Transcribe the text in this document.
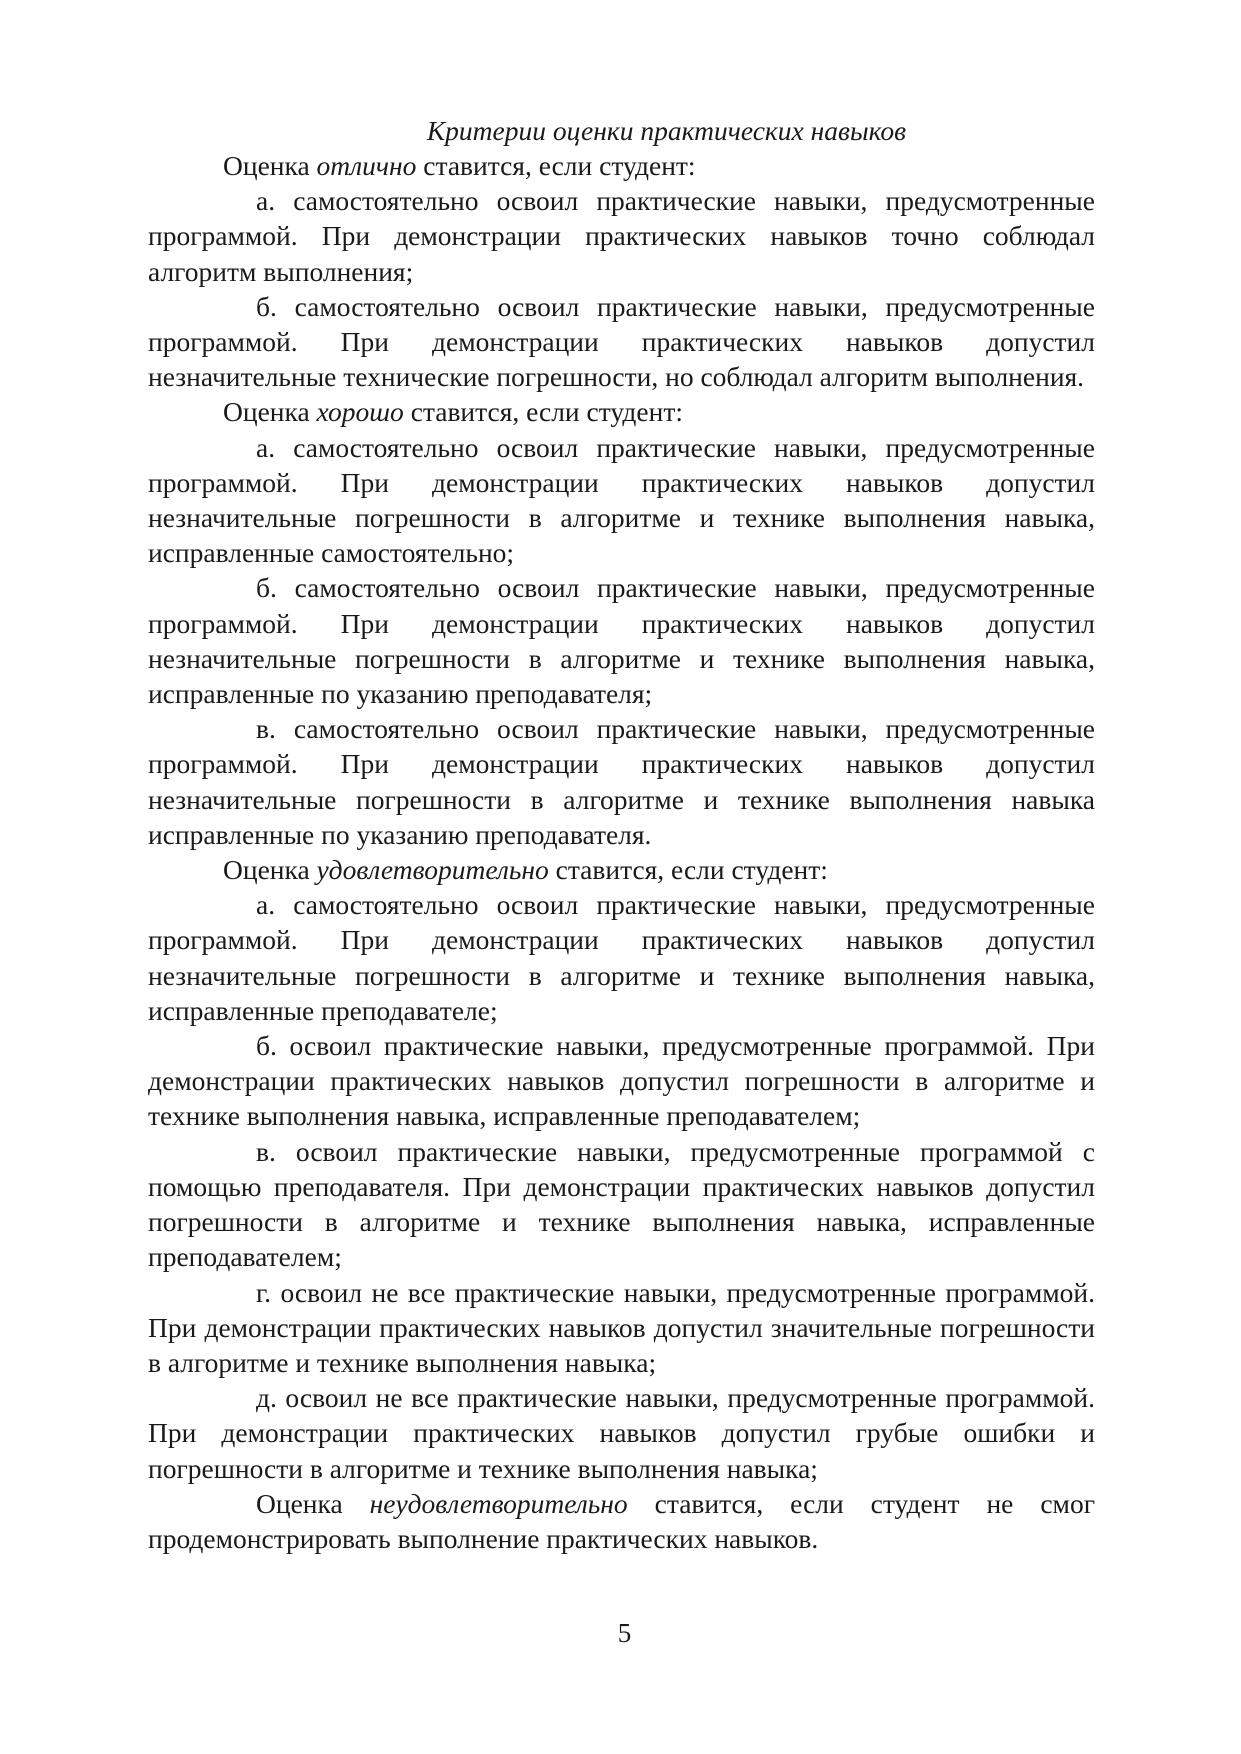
Критерии оценки практических навыков

Оценка отлично ставится, если студент:

а. самостоятельно освоил практические навыки, предусмотренные программой. При демонстрации практических навыков точно соблюдал алгоритм выполнения;

б. самостоятельно освоил практические навыки, предусмотренные программой. При демонстрации практических навыков допустил незначительные технические погрешности, но соблюдал алгоритм выполнения.

Оценка хорошо ставится, если студент:

а. самостоятельно освоил практические навыки, предусмотренные программой. При демонстрации практических навыков допустил незначительные погрешности в алгоритме и технике выполнения навыка, исправленные самостоятельно;

б. самостоятельно освоил практические навыки, предусмотренные программой. При демонстрации практических навыков допустил незначительные погрешности в алгоритме и технике выполнения навыка, исправленные по указанию преподавателя;

в. самостоятельно освоил практические навыки, предусмотренные программой. При демонстрации практических навыков допустил незначительные погрешности в алгоритме и технике выполнения навыка исправленные по указанию преподавателя.

Оценка удовлетворительно ставится, если студент:

а. самостоятельно освоил практические навыки, предусмотренные программой. При демонстрации практических навыков допустил незначительные погрешности в алгоритме и технике выполнения навыка, исправленные преподавателе;

б. освоил практические навыки, предусмотренные программой. При демонстрации практических навыков допустил погрешности в алгоритме и технике выполнения навыка, исправленные преподавателем;

в. освоил практические навыки, предусмотренные программой с помощью преподавателя. При демонстрации практических навыков допустил погрешности в алгоритме и технике выполнения навыка, исправленные преподавателем;

г. освоил не все практические навыки, предусмотренные программой. При демонстрации практических навыков допустил значительные погрешности в алгоритме и технике выполнения навыка;

д. освоил не все практические навыки, предусмотренные программой. При демонстрации практических навыков допустил грубые ошибки и погрешности в алгоритме и технике выполнения навыка;

Оценка неудовлетворительно ставится, если студент не смог продемонстрировать выполнение практических навыков.

5
